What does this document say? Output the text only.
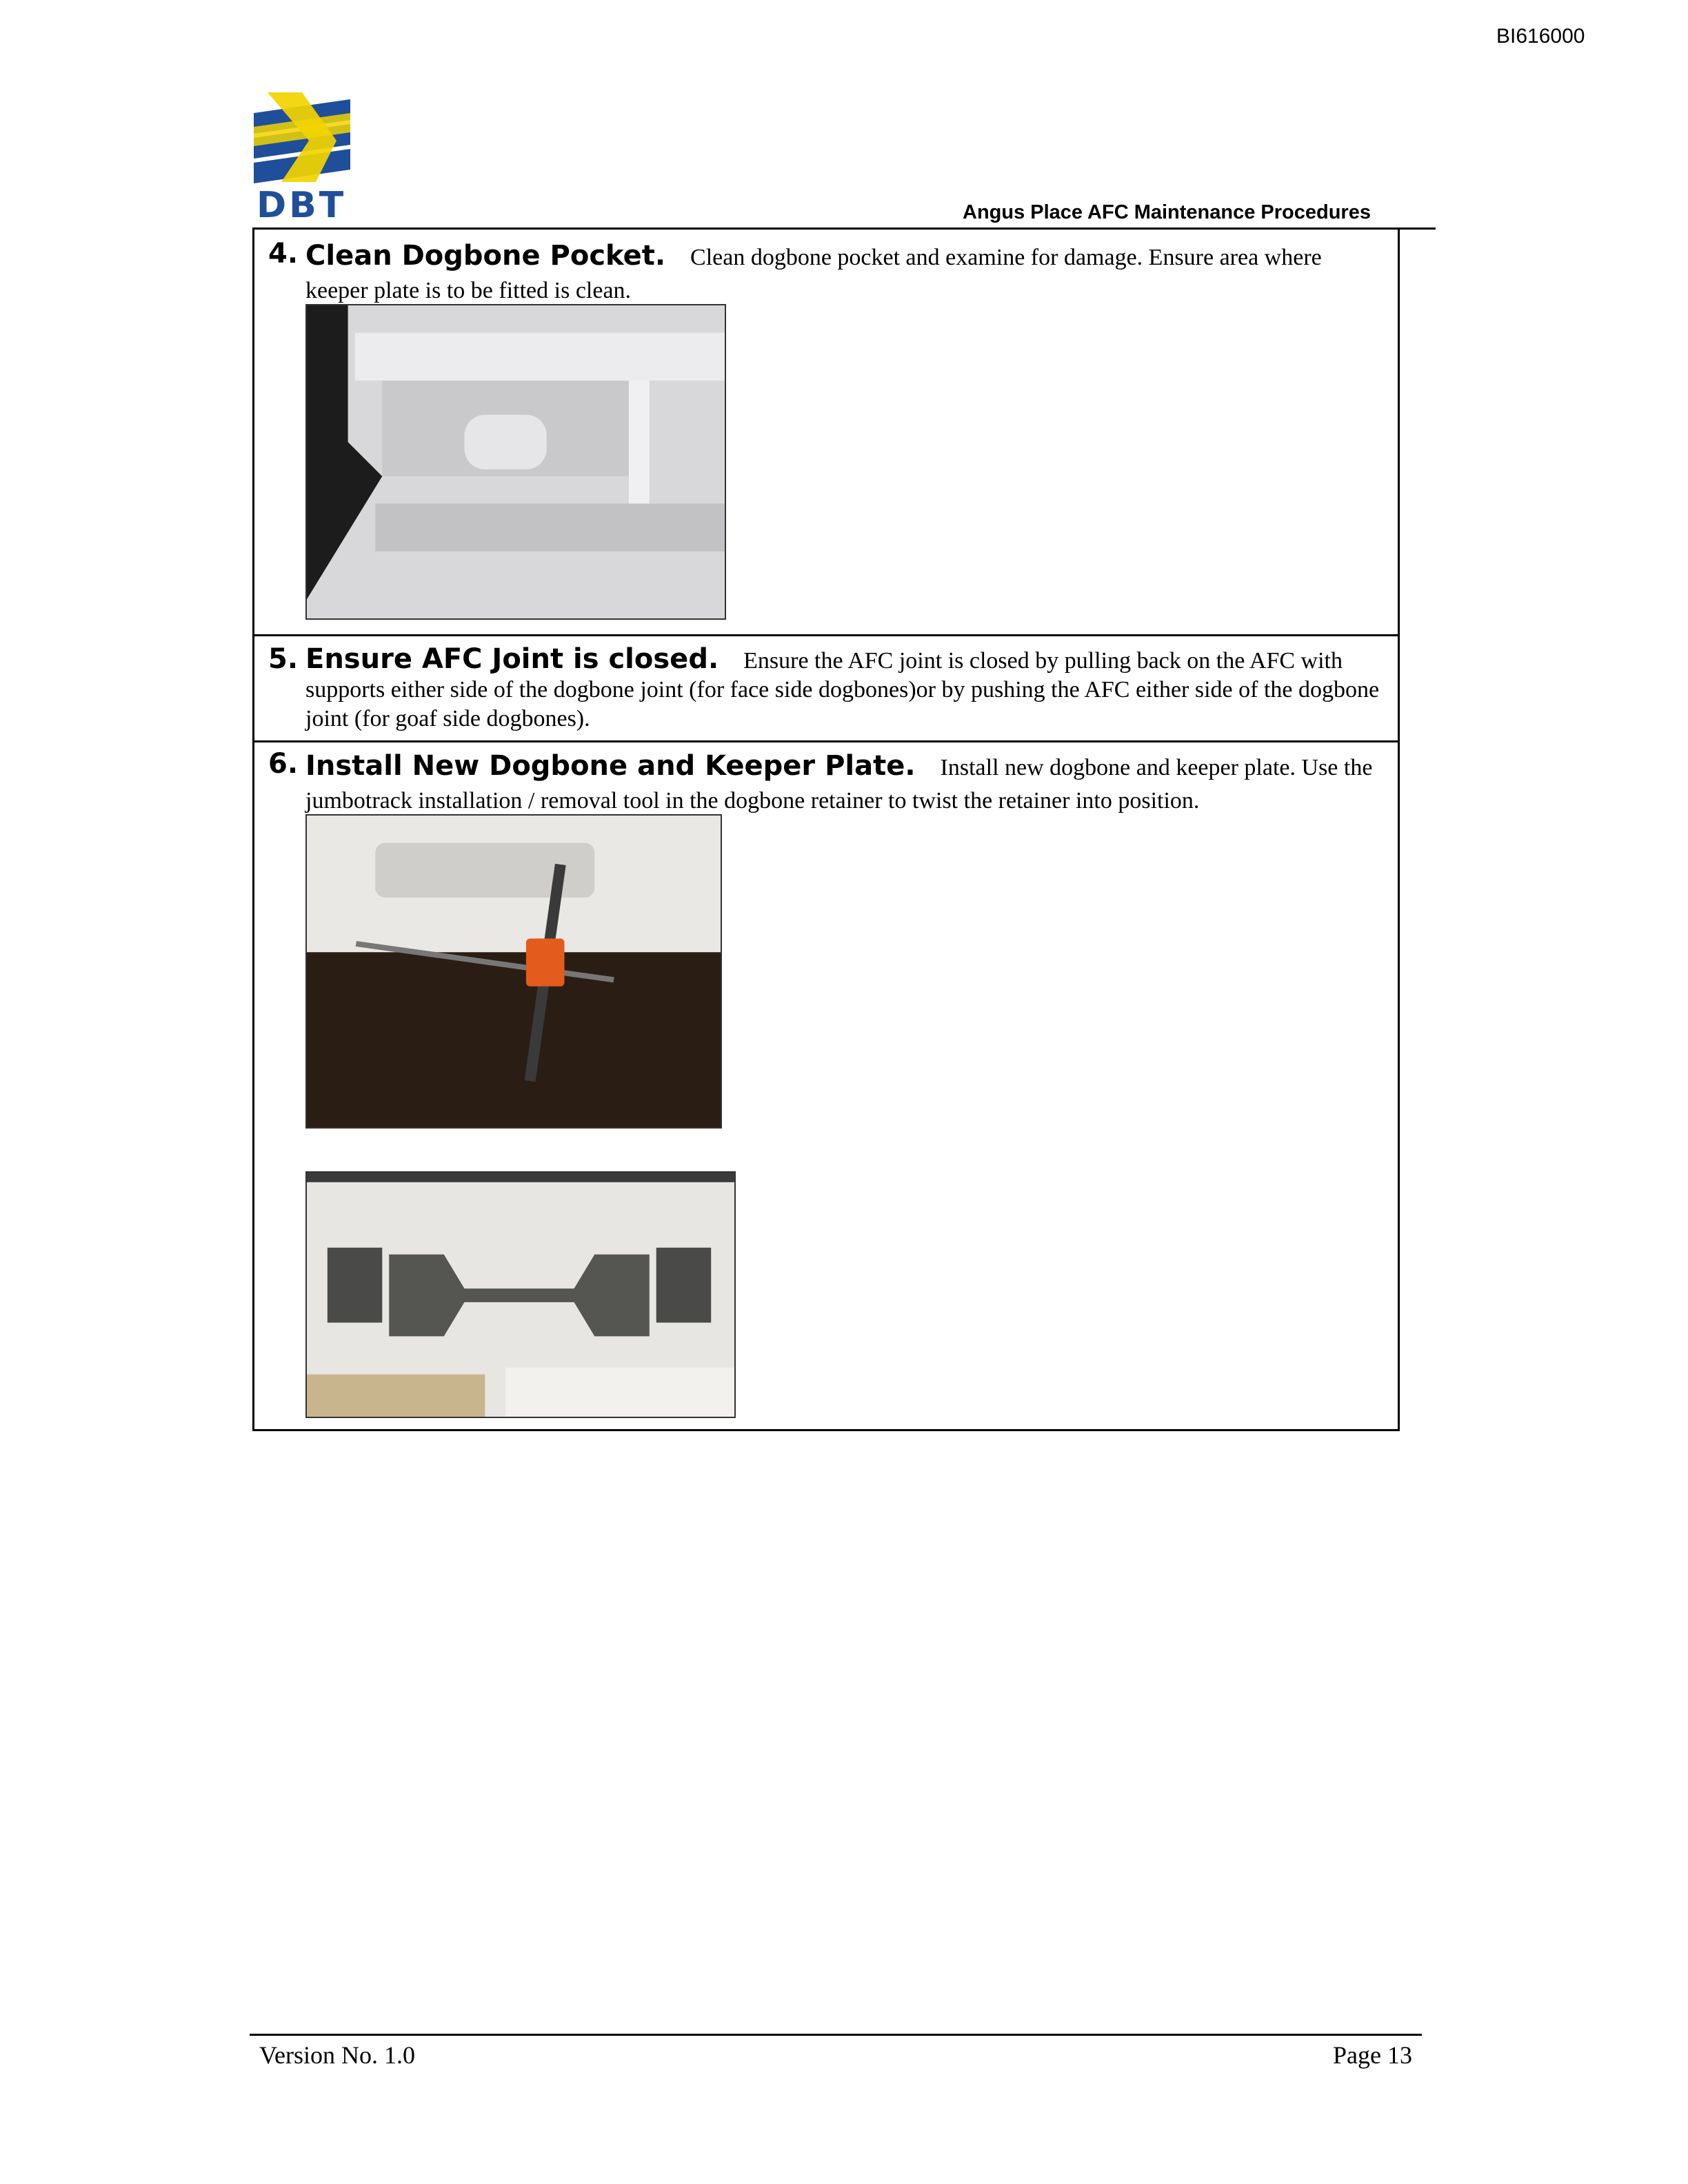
BI616000
DBT	Angus Place AFC Maintenance Procedures
4. Clean Dogbone Pocket. Clean dogbone pocket and examine for damage. Ensure area where keeper plate is to be fitted is clean.
5. Ensure AFC Joint is closed. Ensure the AFC joint is closed by pulling back on the AFC with supports either side of the dogbone joint (for face side dogbones)or by pushing the AFC either side of the dogbone joint (for goaf side dogbones).
6. Install New Dogbone and Keeper Plate. Install new dogbone and keeper plate. Use the jumbotrack installation / removal tool in the dogbone retainer to twist the retainer into position.
Version No. 1.0	Page 13
